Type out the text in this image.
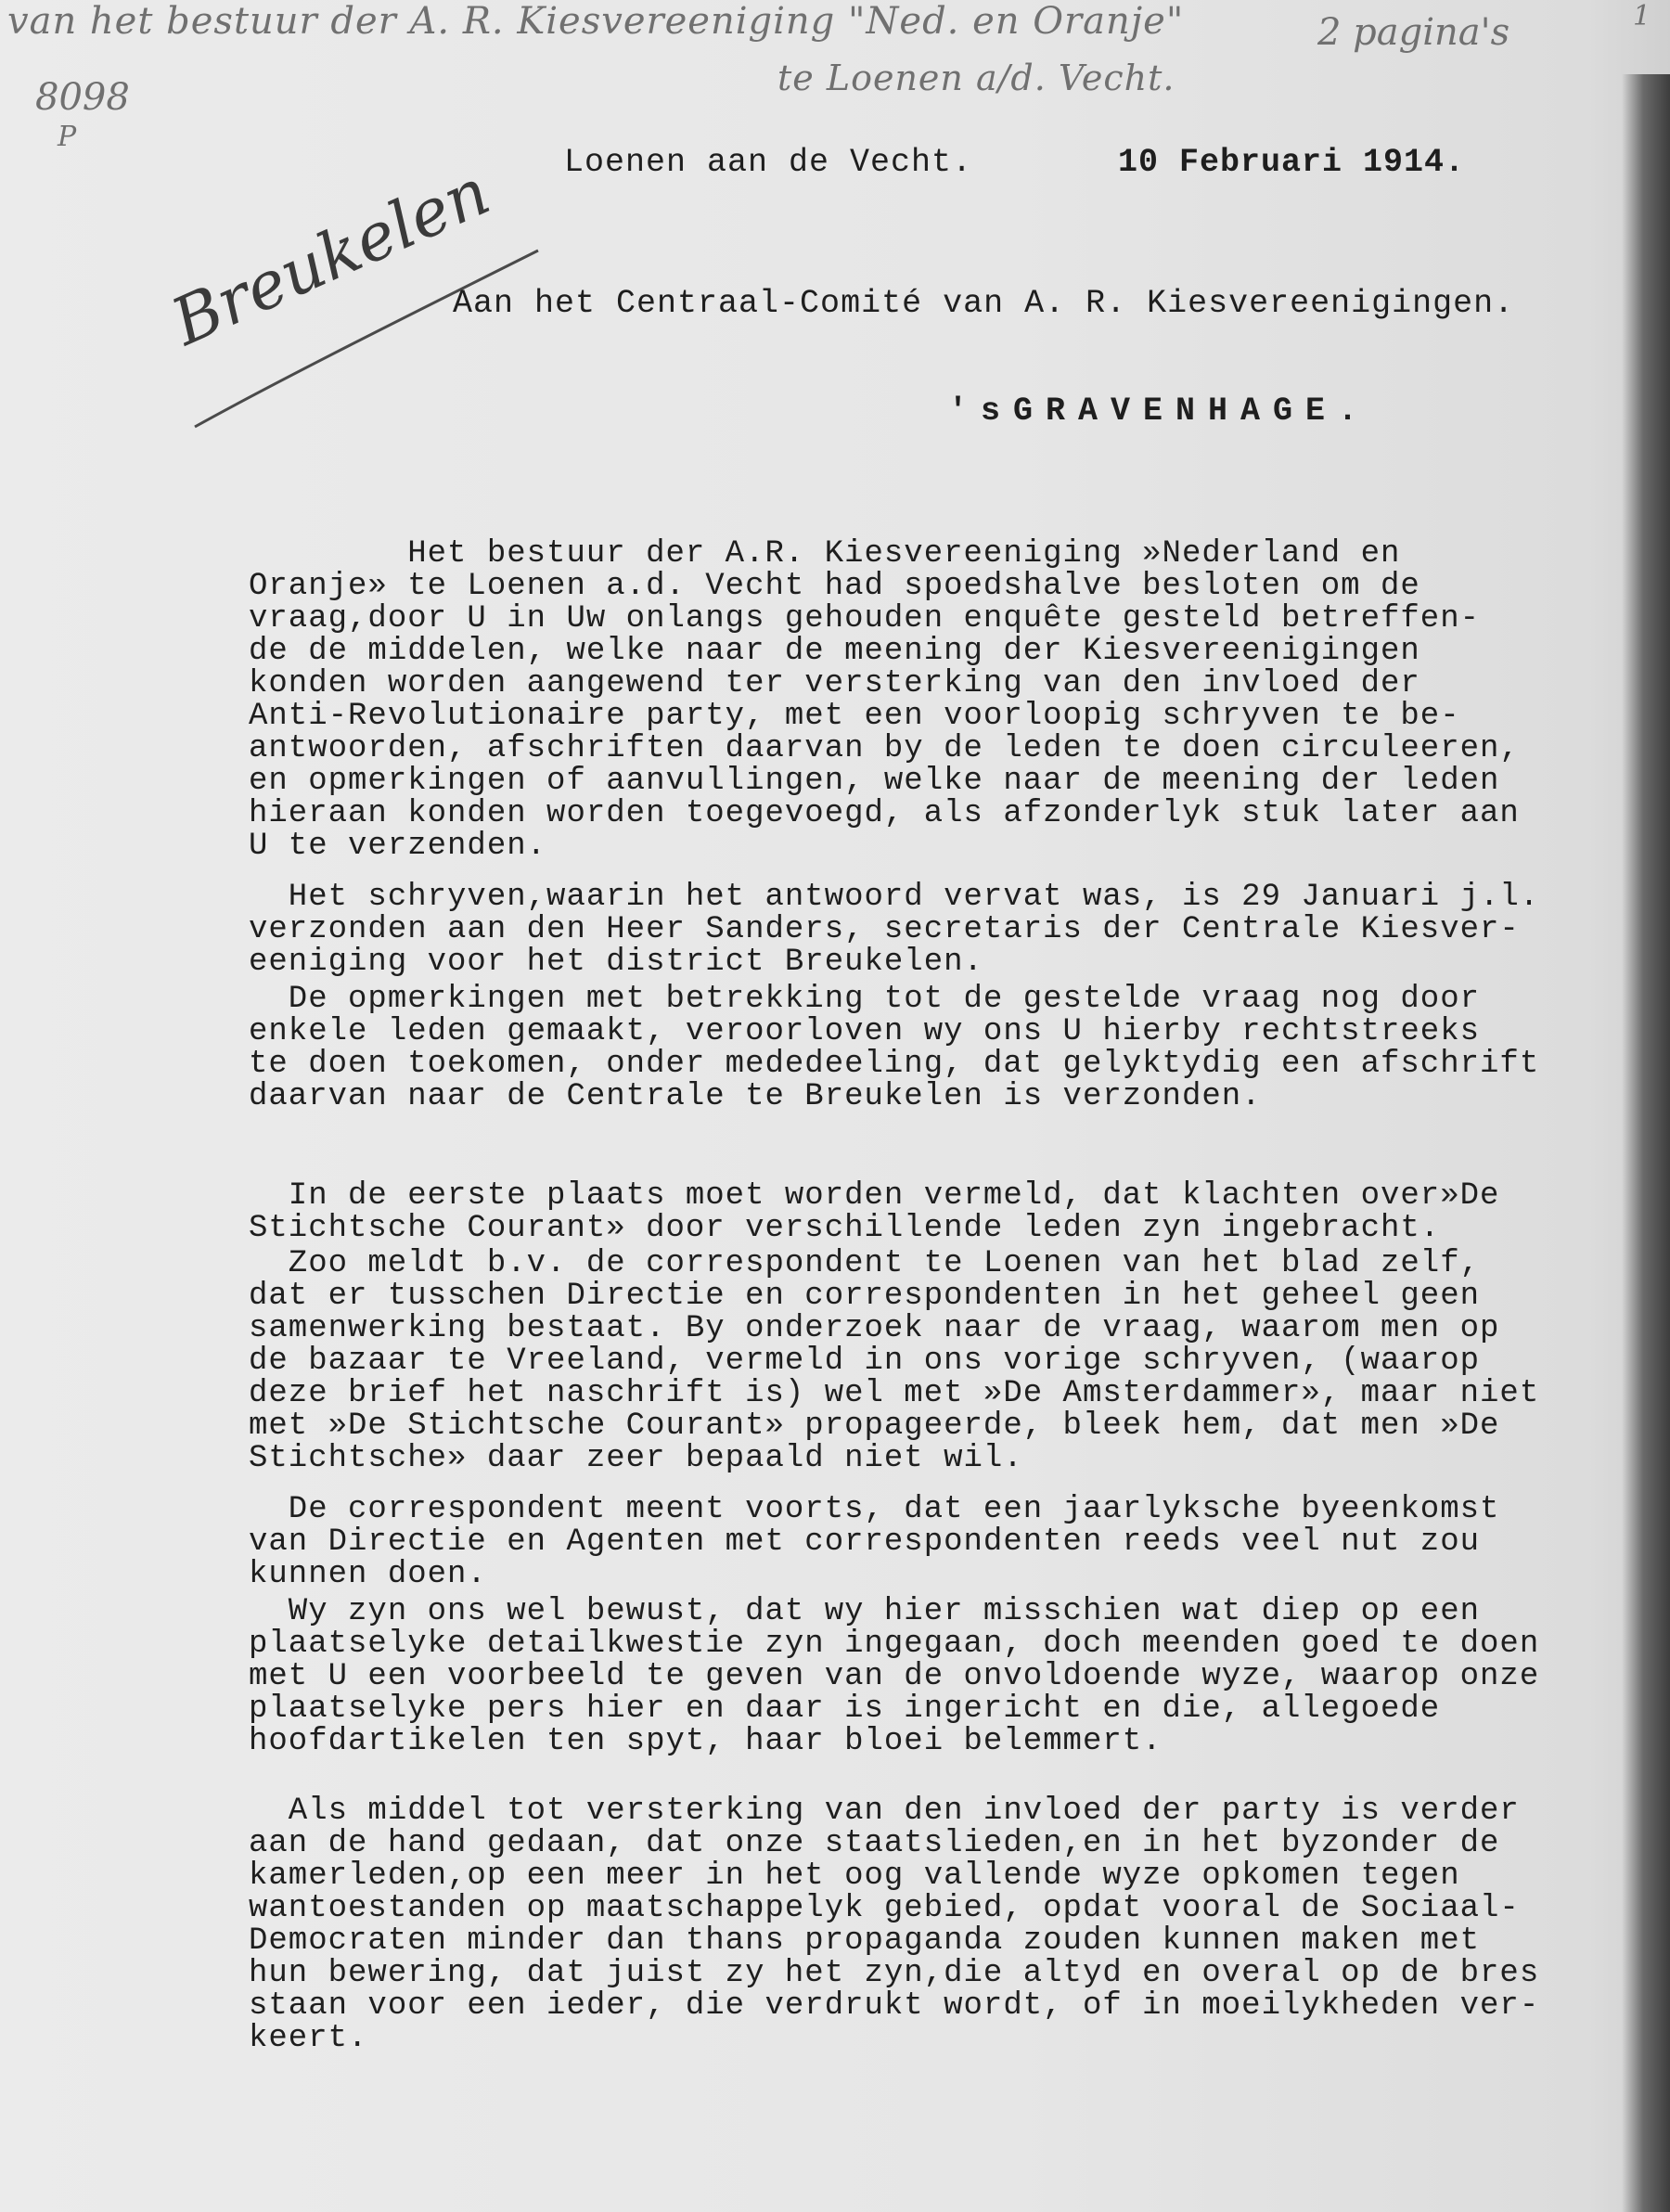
van het bestuur der A. R. Kiesvereeniging "Ned. en Oranje"
te Loenen a/d. Vecht.
2 pagina's
8098
P
1
Breukelen Loenen aan de Vecht.	10 Februari 1914.
Aan het Centraal-Comité van A. R. Kiesvereenigingen.
'sGRAVENHAGE.
Het bestuur der A.R. Kiesvereeniging »Nederland en
Oranje» te Loenen a.d. Vecht had spoedshalve besloten om de
vraag,door U in Uw onlangs gehouden enquête gesteld betreffen-
de de middelen, welke naar de meening der Kiesvereenigingen
konden worden aangewend ter versterking van den invloed der
Anti-Revolutionaire party, met een voorloopig schryven te be-
antwoorden, afschriften daarvan by de leden te doen circuleeren,
en opmerkingen of aanvullingen, welke naar de meening der leden
hieraan konden worden toegevoegd, als afzonderlyk stuk later aan
U te verzenden.
Het schryven,waarin het antwoord vervat was, is 29 Januari j.l.
verzonden aan den Heer Sanders, secretaris der Centrale Kiesver-
eeniging voor het district Breukelen.
De opmerkingen met betrekking tot de gestelde vraag nog door
enkele leden gemaakt, veroorloven wy ons U hierby rechtstreeks
te doen toekomen, onder mededeeling, dat gelyktydig een afschrift
daarvan naar de Centrale te Breukelen is verzonden.
In de eerste plaats moet worden vermeld, dat klachten over»De
Stichtsche Courant» door verschillende leden zyn ingebracht.
Zoo meldt b.v. de correspondent te Loenen van het blad zelf,
dat er tusschen Directie en correspondenten in het geheel geen
samenwerking bestaat. By onderzoek naar de vraag, waarom men op
de bazaar te Vreeland, vermeld in ons vorige schryven, (waarop
deze brief het naschrift is) wel met »De Amsterdammer», maar niet
met »De Stichtsche Courant» propageerde, bleek hem, dat men »De
Stichtsche» daar zeer bepaald niet wil.
De correspondent meent voorts, dat een jaarlyksche byeenkomst
van Directie en Agenten met correspondenten reeds veel nut zou
kunnen doen.
Wy zyn ons wel bewust, dat wy hier misschien wat diep op een
plaatselyke detailkwestie zyn ingegaan, doch meenden goed te doen
met U een voorbeeld te geven van de onvoldoende wyze, waarop onze
plaatselyke pers hier en daar is ingericht en die, allegoede
hoofdartikelen ten spyt, haar bloei belemmert.
Als middel tot versterking van den invloed der party is verder
aan de hand gedaan, dat onze staatslieden,en in het byzonder de
kamerleden,op een meer in het oog vallende wyze opkomen tegen
wantoestanden op maatschappelyk gebied, opdat vooral de Sociaal-
Democraten minder dan thans propaganda zouden kunnen maken met
hun bewering, dat juist zy het zyn,die altyd en overal op de bres
staan voor een ieder, die verdrukt wordt, of in moeilykheden ver-
keert.
